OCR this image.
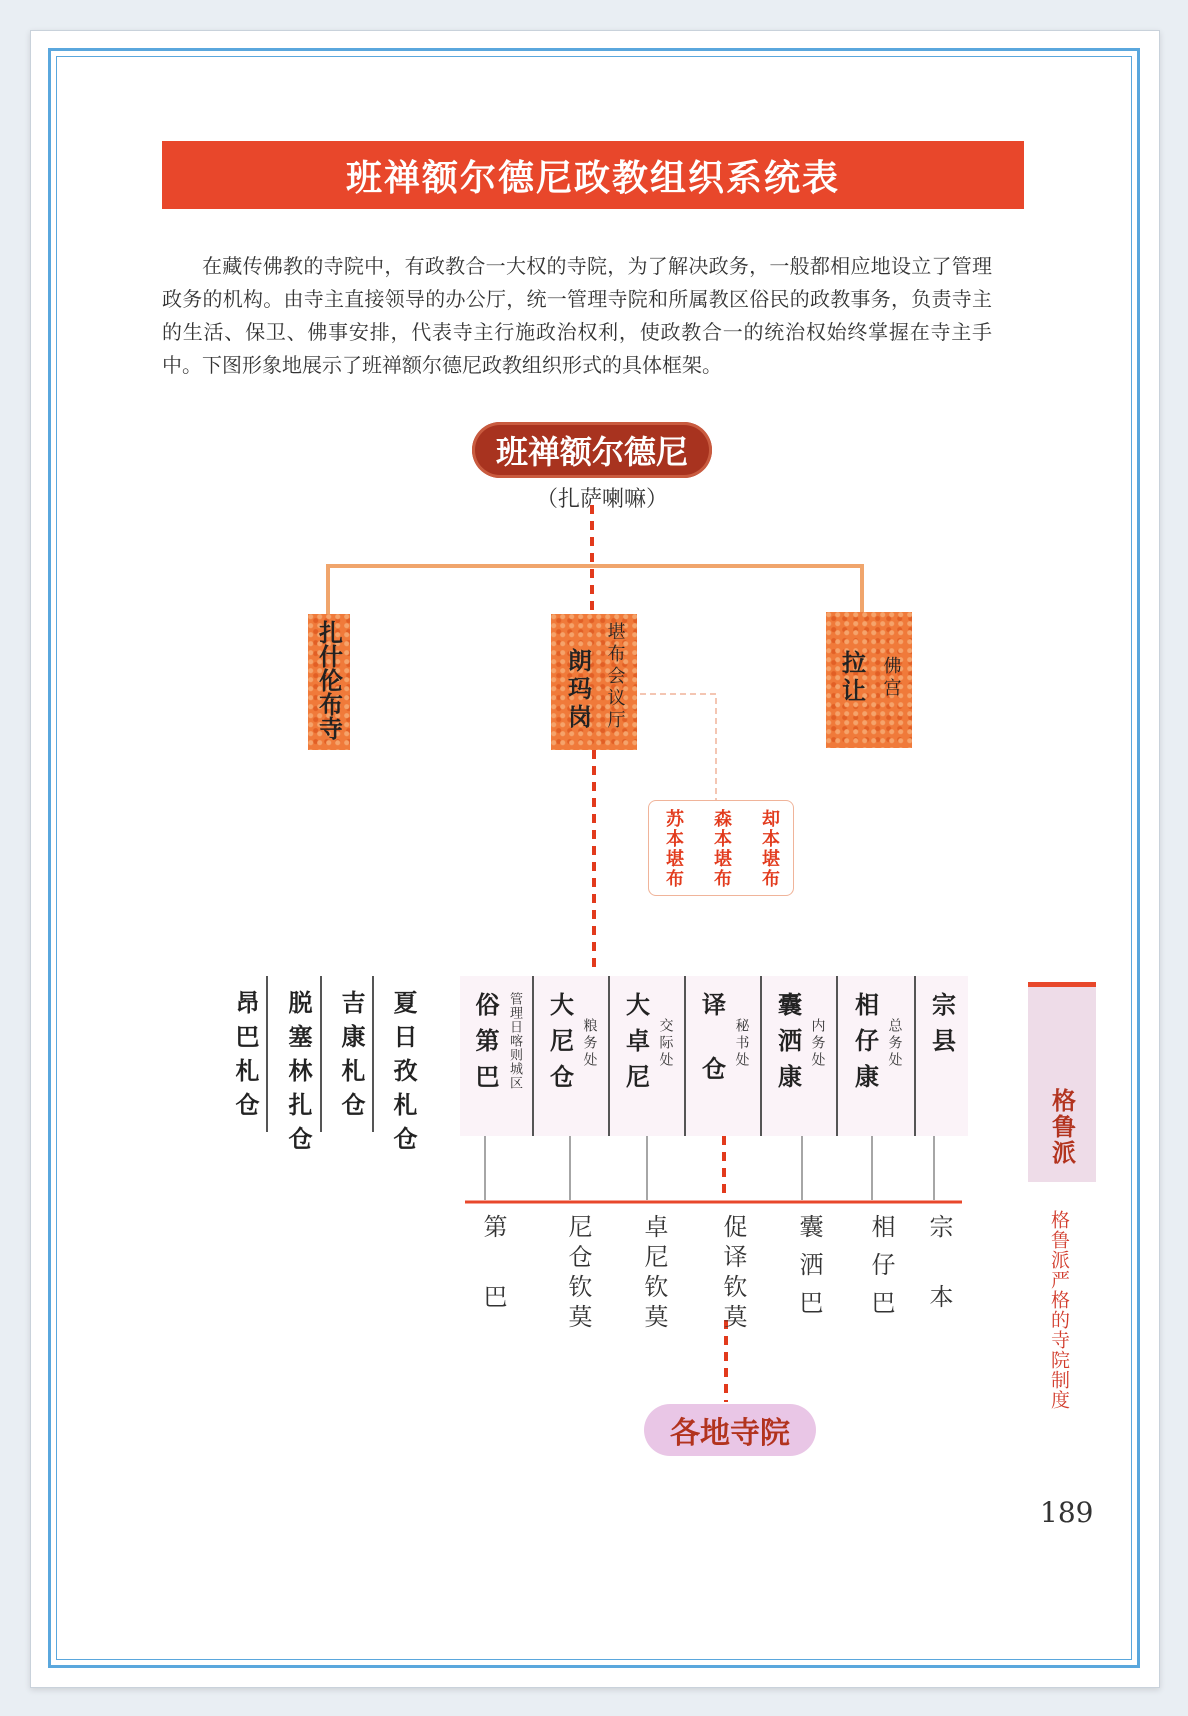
班禅额尔德尼政教组织系统表

在藏传佛教的寺院中，有政教合一大权的寺院，为了解决政务，一般都相应地设立了管理政务的机构。由寺主直接领导的办公厅，统一管理寺院和所属教区俗民的政教事务，负责寺主的生活、保卫、佛事安排，代表寺主行施政治权利，使政教合一的统治权始终掌握在寺主手中。下图形象地展示了班禅额尔德尼政教组织形式的具体框架。

班禅额尔德尼
（扎萨喇嘛）
扎什伦布寺	朗玛岗 堪布会议厅	拉让 佛宫
苏本堪布 森本堪布 却本堪布
夏日孜札仓
吉康札仓
脱塞林扎仓
昂巴札仓	宗县
相仔康 总务处
囊洒康 内务处
译仓 秘书处
大卓尼 交际处
大尼仓 粮务处
俗第巴 管理日喀则城区
宗本
相仔巴
囊洒巴
促译钦莫
卓尼钦莫
尼仓钦莫
第巴
各地寺院
格鲁派
格鲁派严格的寺院制度
189
